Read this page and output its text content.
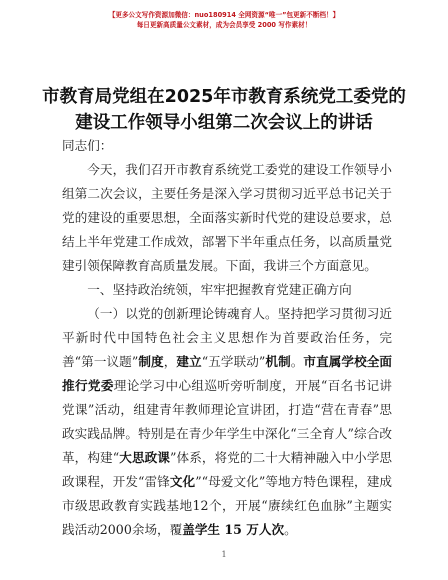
【更多公文写作资源加微信：nuo180914 全网资源“唯一”包更新不断档！】
每日更新高质量公文素材，成为会员享受 2000 写作素材！
市教育局党组在2025年市教育系统党工委党的
建设工作领导小组第二次会议上的讲话

同志们：

今天，我们召开市教育系统党工委党的建设工作领导小组第二次会议，主要任务是深入学习贯彻习近平总书记关于党的建设的重要思想，全面落实新时代党的建设总要求，总结上半年党建工作成效，部署下半年重点任务，以高质量党建引领保障教育高质量发展。下面，我讲三个方面意见。

一、坚持政治统领，牢牢把握教育党建正确方向

（一）以党的创新理论铸魂育人。坚持把学习贯彻习近平新时代中国特色社会主义思想作为首要政治任务，完善“第一议题”制度，建立“五学联动”机制。市直属学校全面推行党委理论学习中心组巡听旁听制度，开展“百名书记讲党课”活动，组建青年教师理论宣讲团，打造“营在青春”思政实践品牌。特别是在青少年学生中深化“三全育人”综合改革，构建“大思政课”体系，将党的二十大精神融入中小学思政课程，开发“雷锋文化”“母爱文化”等地方特色课程，建成市级思政教育实践基地12个，开展“赓续红色血脉”主题实践活动2000余场，覆盖学生 15 万人次。

1
